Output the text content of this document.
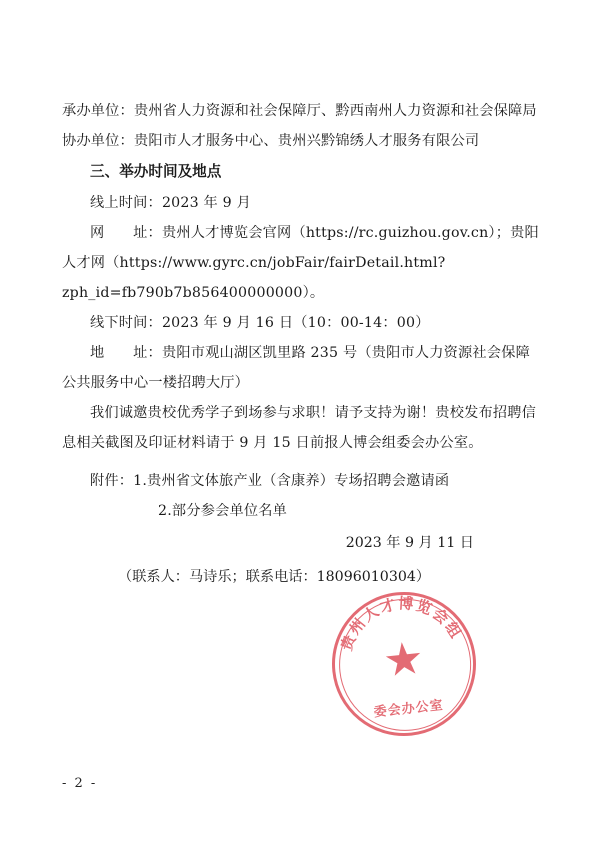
承办单位：贵州省人力资源和社会保障厅、黔西南州人力资源和社会保障局
协办单位：贵阳市人才服务中心、贵州兴黔锦绣人才服务有限公司
三、举办时间及地点
线上时间：2023 年 9 月
网　　址：贵州人才博览会官网（https://rc.guizhou.gov.cn）；贵阳人才网（https://www.gyrc.cn/jobFair/fairDetail.html?zph_id=fb790b7b856400000000）。
线下时间：2023 年 9 月 16 日（10：00-14：00）
地　　址：贵阳市观山湖区凯里路 235 号（贵阳市人力资源社会保障公共服务中心一楼招聘大厅）
我们诚邀贵校优秀学子到场参与求职！请予支持为谢！贵校发布招聘信息相关截图及印证材料请于 9 月 15 日前报人博会组委会办公室。
附件：1.贵州省文体旅产业（含康养）专场招聘会邀请函
2.部分参会单位名单
贵州人才博览会组
委会办公室
2023 年 9 月 11 日
（联系人：马诗乐；联系电话：18096010304）
- 2 -
